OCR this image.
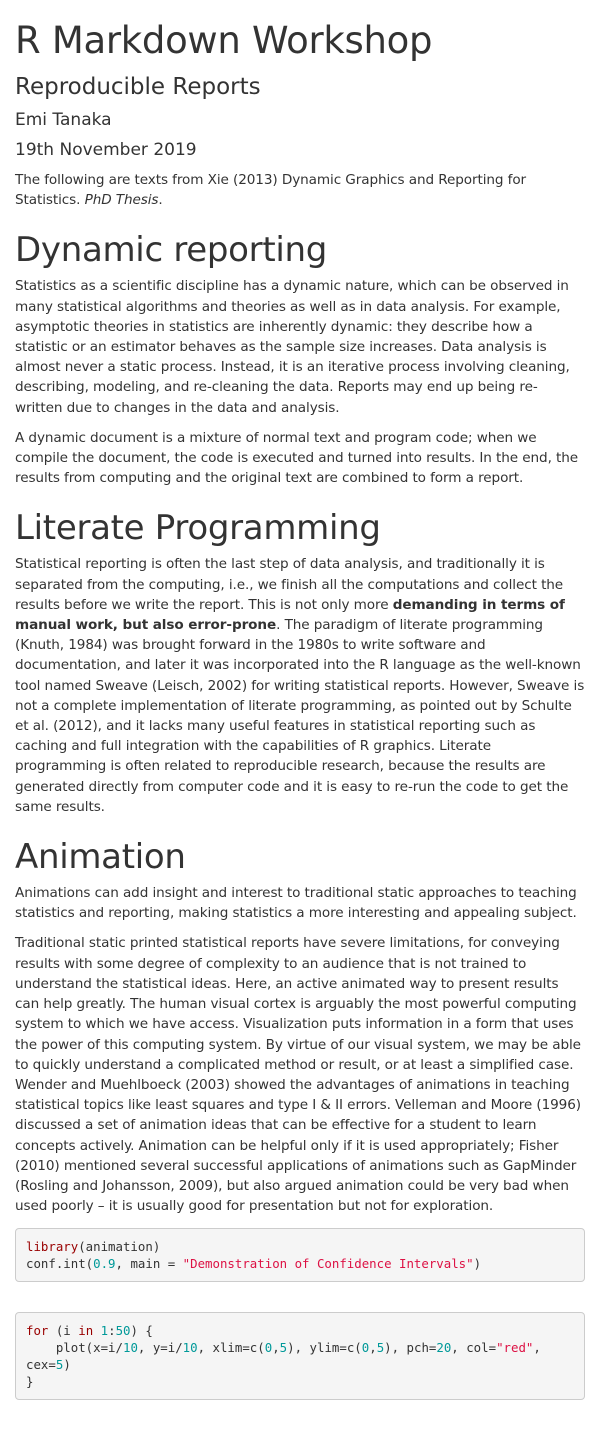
R Markdown Workshop
Reproducible Reports
Emi Tanaka
19th November 2019

The following are texts from Xie (2013) Dynamic Graphics and Reporting for Statistics. PhD Thesis.

Dynamic reporting

Statistics as a scientific discipline has a dynamic nature, which can be observed in many statistical algorithms and theories as well as in data analysis. For example, asymptotic theories in statistics are inherently dynamic: they describe how a statistic or an estimator behaves as the sample size increases. Data analysis is almost never a static process. Instead, it is an iterative process involving cleaning, describing, modeling, and re-cleaning the data. Reports may end up being re-written due to changes in the data and analysis.

A dynamic document is a mixture of normal text and program code; when we compile the document, the code is executed and turned into results. In the end, the results from computing and the original text are combined to form a report.

Literate Programming

Statistical reporting is often the last step of data analysis, and traditionally it is separated from the computing, i.e., we finish all the computations and collect the results before we write the report. This is not only more demanding in terms of manual work, but also error-prone. The paradigm of literate programming (Knuth, 1984) was brought forward in the 1980s to write software and documentation, and later it was incorporated into the R language as the well-known tool named Sweave (Leisch, 2002) for writing statistical reports. However, Sweave is not a complete implementation of literate programming, as pointed out by Schulte et al. (2012), and it lacks many useful features in statistical reporting such as caching and full integration with the capabilities of R graphics. Literate programming is often related to reproducible research, because the results are generated directly from computer code and it is easy to re-run the code to get the same results.

Animation

Animations can add insight and interest to traditional static approaches to teaching statistics and reporting, making statistics a more interesting and appealing subject.

Traditional static printed statistical reports have severe limitations, for conveying results with some degree of complexity to an audience that is not trained to understand the statistical ideas. Here, an active animated way to present results can help greatly. The human visual cortex is arguably the most powerful computing system to which we have access. Visualization puts information in a form that uses the power of this computing system. By virtue of our visual system, we may be able to quickly understand a complicated method or result, or at least a simplified case. Wender and Muehlboeck (2003) showed the advantages of animations in teaching statistical topics like least squares and type I & II errors. Velleman and Moore (1996) discussed a set of animation ideas that can be effective for a student to learn concepts actively. Animation can be helpful only if it is used appropriately; Fisher (2010) mentioned several successful applications of animations such as GapMinder (Rosling and Johansson, 2009), but also argued animation could be very bad when used poorly – it is usually good for presentation but not for exploration.

library(animation)
conf.int(0.9, main = "Demonstration of Confidence Intervals")
for (i in 1:50) {
plot(x=i/10, y=i/10, xlim=c(0,5), ylim=c(0,5), pch=20, col="red",
cex=5)
}
